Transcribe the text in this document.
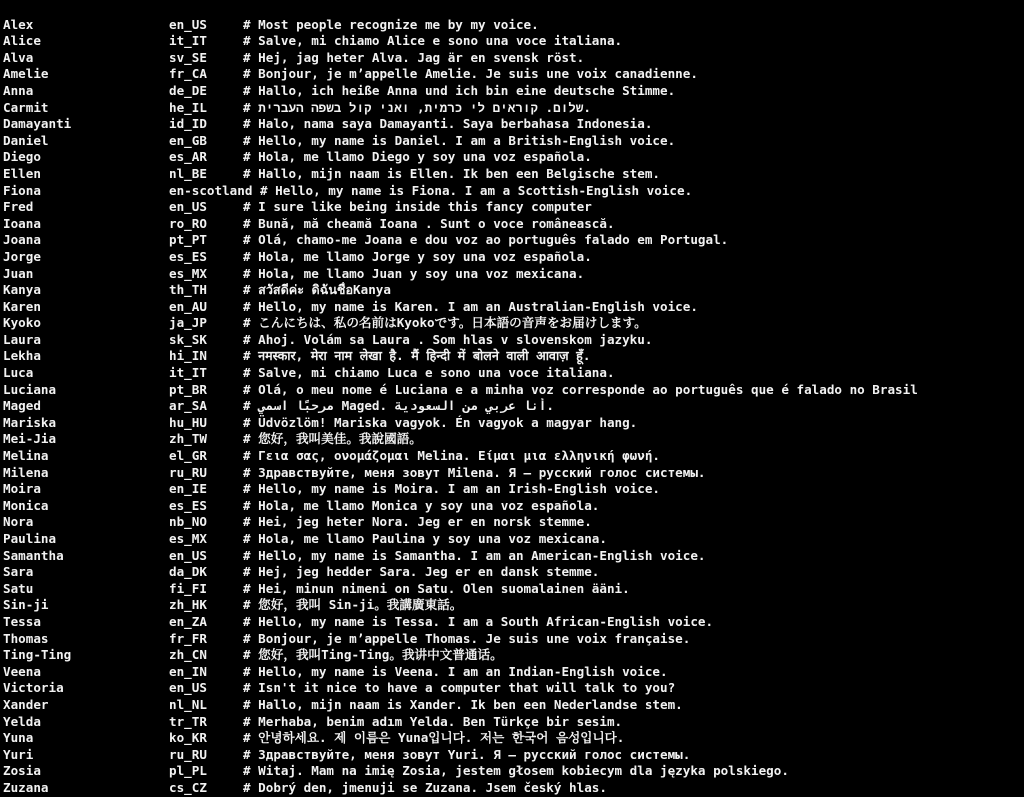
Alex	en_US	# Most people recognize me by my voice.
Alice	it_IT	# Salve, mi chiamo Alice e sono una voce italiana.
Alva	sv_SE	# Hej, jag heter Alva. Jag är en svensk röst.
Amelie	fr_CA	# Bonjour, je m’appelle Amelie. Je suis une voix canadienne.
Anna	de_DE	# Hallo, ich heiße Anna und ich bin eine deutsche Stimme.
Carmit	he_IL	# שלום. קוראים לי כרמית, ואני קול בשפה העברית.
Damayanti	id_ID	# Halo, nama saya Damayanti. Saya berbahasa Indonesia.
Daniel	en_GB	# Hello, my name is Daniel. I am a British-English voice.
Diego	es_AR	# Hola, me llamo Diego y soy una voz española.
Ellen	nl_BE	# Hallo, mijn naam is Ellen. Ik ben een Belgische stem.
Fiona	en-scotland # Hello, my name is Fiona. I am a Scottish-English voice.
Fred	en_US	# I sure like being inside this fancy computer
Ioana	ro_RO	# Bună, mă cheamă Ioana . Sunt o voce românească.
Joana	pt_PT	# Olá, chamo-me Joana e dou voz ao português falado em Portugal.
Jorge	es_ES	# Hola, me llamo Jorge y soy una voz española.
Juan	es_MX	# Hola, me llamo Juan y soy una voz mexicana.
Kanya	th_TH	# สวัสดีค่ะ ดิฉันชื่อKanya
Karen	en_AU	# Hello, my name is Karen. I am an Australian-English voice.
Kyoko	ja_JP	# こんにちは、私の名前はKyokoです。日本語の音声をお届けします。
Laura	sk_SK	# Ahoj. Volám sa Laura . Som hlas v slovenskom jazyku.
Lekha	hi_IN	# नमस्कार, मेरा नाम लेखा है. मैं हिन्दी में बोलने वाली आवाज़ हूँ.
Luca	it_IT	# Salve, mi chiamo Luca e sono una voce italiana.
Luciana	pt_BR	# Olá, o meu nome é Luciana e a minha voz corresponde ao português que é falado no Brasil
Maged	ar_SA	# مرحبًا اسمي Maged. أنا عربي من السعودية.
Mariska	hu_HU	# Üdvözlöm! Mariska vagyok. Én vagyok a magyar hang.
Mei-Jia	zh_TW	# 您好，我叫美佳。我說國語。
Melina	el_GR	# Γεια σας, ονομάζομαι Melina. Είμαι μια ελληνική φωνή.
Milena	ru_RU	# Здравствуйте, меня зовут Milena. Я — русский голос системы.
Moira	en_IE	# Hello, my name is Moira. I am an Irish-English voice.
Monica	es_ES	# Hola, me llamo Monica y soy una voz española.
Nora	nb_NO	# Hei, jeg heter Nora. Jeg er en norsk stemme.
Paulina	es_MX	# Hola, me llamo Paulina y soy una voz mexicana.
Samantha	en_US	# Hello, my name is Samantha. I am an American-English voice.
Sara	da_DK	# Hej, jeg hedder Sara. Jeg er en dansk stemme.
Satu	fi_FI	# Hei, minun nimeni on Satu. Olen suomalainen ääni.
Sin-ji	zh_HK	# 您好，我叫 Sin-ji。我講廣東話。
Tessa	en_ZA	# Hello, my name is Tessa. I am a South African-English voice.
Thomas	fr_FR	# Bonjour, je m’appelle Thomas. Je suis une voix française.
Ting-Ting	zh_CN	# 您好，我叫Ting-Ting。我讲中文普通话。
Veena	en_IN	# Hello, my name is Veena. I am an Indian-English voice.
Victoria	en_US	# Isn't it nice to have a computer that will talk to you?
Xander	nl_NL	# Hallo, mijn naam is Xander. Ik ben een Nederlandse stem.
Yelda	tr_TR	# Merhaba, benim adım Yelda. Ben Türkçe bir sesim.
Yuna	ko_KR	# 안녕하세요. 제 이름은 Yuna입니다. 저는 한국어 음성입니다.
Yuri	ru_RU	# Здравствуйте, меня зовут Yuri. Я — русский голос системы.
Zosia	pl_PL	# Witaj. Mam na imię Zosia, jestem głosem kobiecym dla języka polskiego.
Zuzana	cs_CZ	# Dobrý den, jmenuji se Zuzana. Jsem český hlas.
